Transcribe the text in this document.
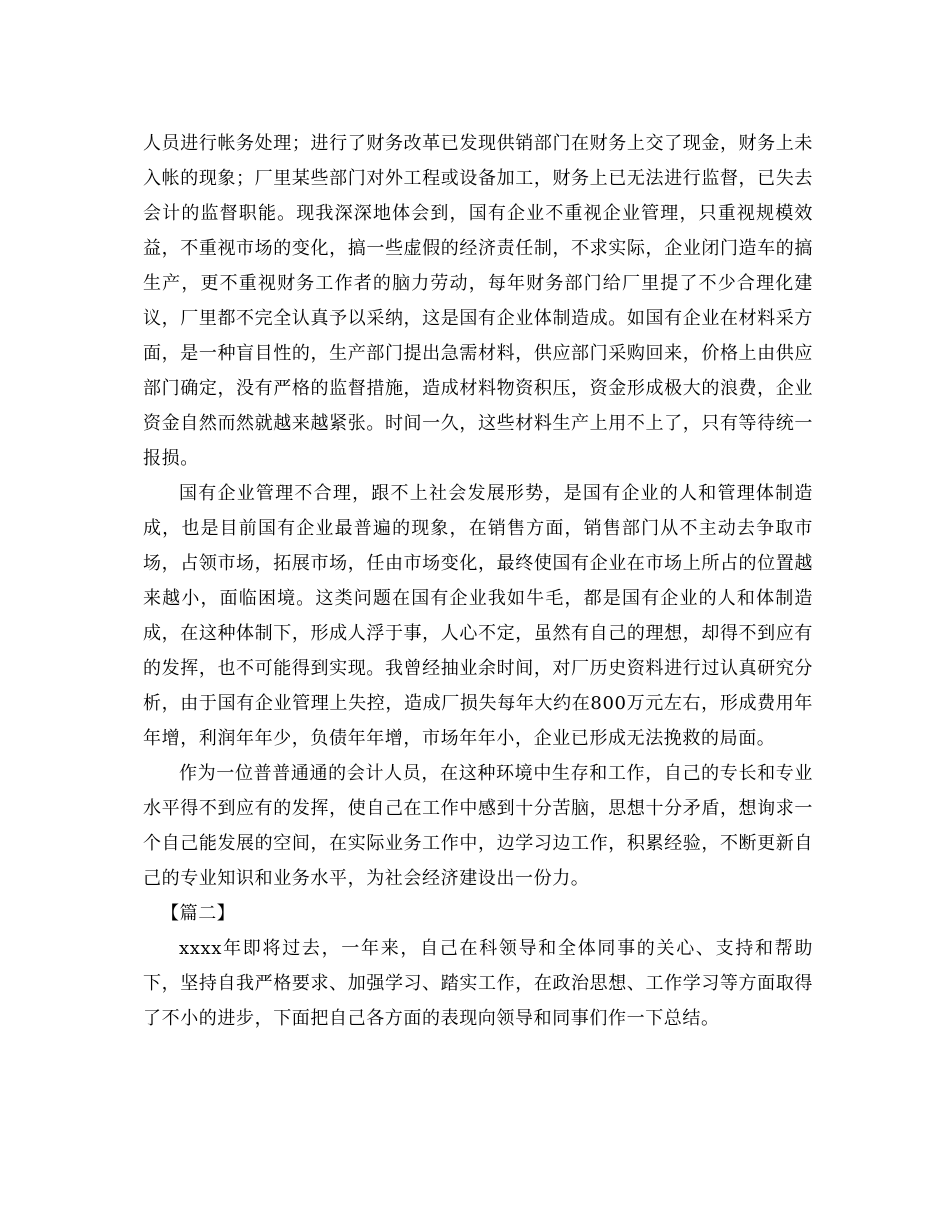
人员进行帐务处理；进行了财务改革已发现供销部门在财务上交了现金，财务上未入帐的现象；厂里某些部门对外工程或设备加工，财务上已无法进行监督，已失去会计的监督职能。现我深深地体会到，国有企业不重视企业管理，只重视规模效益，不重视市场的变化，搞一些虚假的经济责任制，不求实际，企业闭门造车的搞生产，更不重视财务工作者的脑力劳动，每年财务部门给厂里提了不少合理化建议，厂里都不完全认真予以采纳，这是国有企业体制造成。如国有企业在材料采方面，是一种盲目性的，生产部门提出急需材料，供应部门采购回来，价格上由供应部门确定，没有严格的监督措施，造成材料物资积压，资金形成极大的浪费，企业资金自然而然就越来越紧张。时间一久，这些材料生产上用不上了，只有等待统一报损。

国有企业管理不合理，跟不上社会发展形势，是国有企业的人和管理体制造成，也是目前国有企业最普遍的现象，在销售方面，销售部门从不主动去争取市场，占领市场，拓展市场，任由市场变化，最终使国有企业在市场上所占的位置越来越小，面临困境。这类问题在国有企业我如牛毛，都是国有企业的人和体制造成，在这种体制下，形成人浮于事，人心不定，虽然有自己的理想，却得不到应有的发挥，也不可能得到实现。我曾经抽业余时间，对厂历史资料进行过认真研究分析，由于国有企业管理上失控，造成厂损失每年大约在800万元左右，形成费用年年增，利润年年少，负债年年增，市场年年小，企业已形成无法挽救的局面。

作为一位普普通通的会计人员，在这种环境中生存和工作，自己的专长和专业水平得不到应有的发挥，使自己在工作中感到十分苦脑，思想十分矛盾，想询求一个自己能发展的空间，在实际业务工作中，边学习边工作，积累经验，不断更新自己的专业知识和业务水平，为社会经济建设出一份力。

【篇二】

xxxx年即将过去，一年来，自己在科领导和全体同事的关心、支持和帮助下，坚持自我严格要求、加强学习、踏实工作，在政治思想、工作学习等方面取得了不小的进步，下面把自己各方面的表现向领导和同事们作一下总结。
